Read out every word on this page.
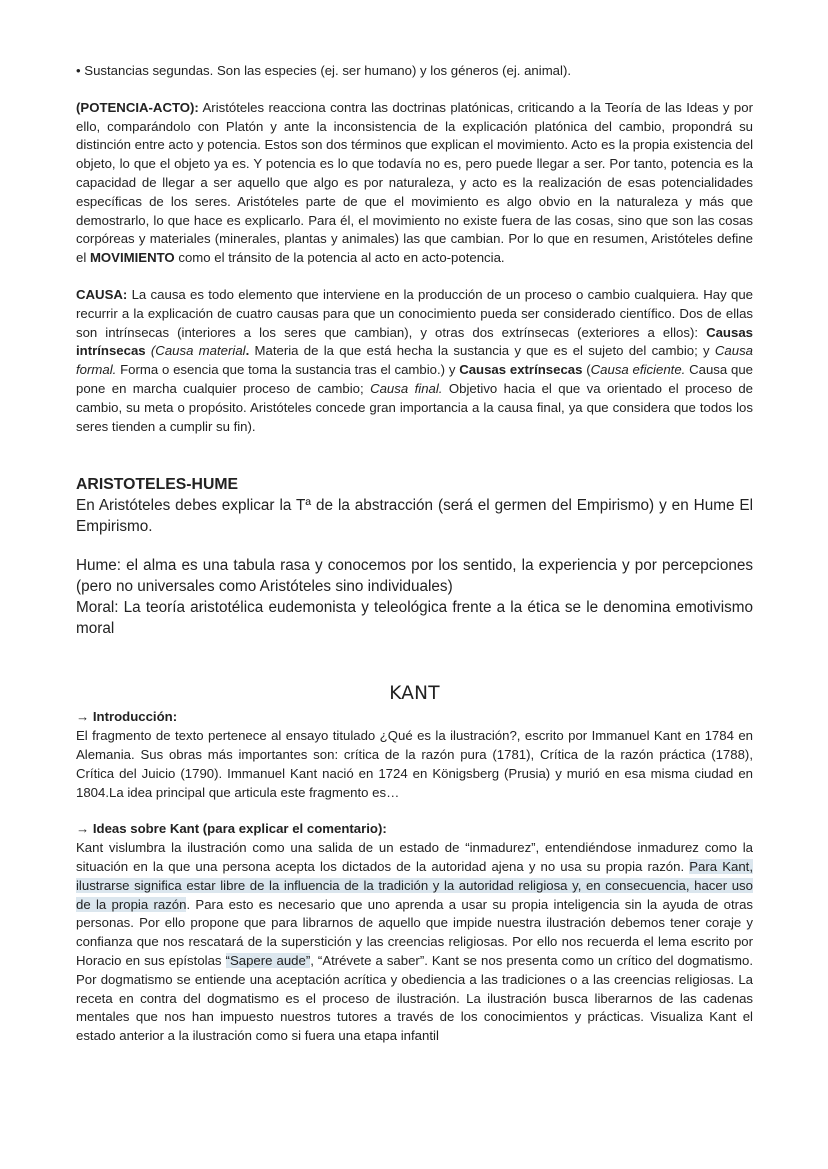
• Sustancias segundas. Son las especies (ej. ser humano) y los géneros (ej. animal).

(POTENCIA-ACTO): Aristóteles reacciona contra las doctrinas platónicas, criticando a la Teoría de las Ideas y por ello, comparándolo con Platón y ante la inconsistencia de la explicación platónica del cambio, propondrá su distinción entre acto y potencia. Estos son dos términos que explican el movimiento. Acto es la propia existencia del objeto, lo que el objeto ya es. Y potencia es lo que todavía no es, pero puede llegar a ser. Por tanto, potencia es la capacidad de llegar a ser aquello que algo es por naturaleza, y acto es la realización de esas potencialidades específicas de los seres. Aristóteles parte de que el movimiento es algo obvio en la naturaleza y más que demostrarlo, lo que hace es explicarlo. Para él, el movimiento no existe fuera de las cosas, sino que son las cosas corpóreas y materiales (minerales, plantas y animales) las que cambian. Por lo que en resumen, Aristóteles define el MOVIMIENTO como el tránsito de la potencia al acto en acto-potencia.

CAUSA: La causa es todo elemento que interviene en la producción de un proceso o cambio cualquiera. Hay que recurrir a la explicación de cuatro causas para que un conocimiento pueda ser considerado científico. Dos de ellas son intrínsecas (interiores a los seres que cambian), y otras dos extrínsecas (exteriores a ellos): Causas intrínsecas (Causa material. Materia de la que está hecha la sustancia y que es el sujeto del cambio; y Causa formal. Forma o esencia que toma la sustancia tras el cambio.) y Causas extrínsecas (Causa eficiente. Causa que pone en marcha cualquier proceso de cambio; Causa final. Objetivo hacia el que va orientado el proceso de cambio, su meta o propósito. Aristóteles concede gran importancia a la causa final, ya que considera que todos los seres tienden a cumplir su fin).

ARISTOTELES-HUME

En Aristóteles debes explicar la Tª de la abstracción (será el germen del Empirismo) y en Hume El Empirismo.

Hume: el alma es una tabula rasa y conocemos por los sentido, la experiencia y por percepciones (pero no universales como Aristóteles sino individuales)

Moral: La teoría aristotélica eudemonista y teleológica frente a la ética se le denomina emotivismo moral

KANT
→ Introducción:

El fragmento de texto pertenece al ensayo titulado ¿Qué es la ilustración?, escrito por Immanuel Kant en 1784 en Alemania. Sus obras más importantes son: crítica de la razón pura (1781), Crítica de la razón práctica (1788), Crítica del Juicio (1790). Immanuel Kant nació en 1724 en Königsberg (Prusia) y murió en esa misma ciudad en 1804.La idea principal que articula este fragmento es…

→ Ideas sobre Kant (para explicar el comentario):

Kant vislumbra la ilustración como una salida de un estado de “inmadurez”, entendiéndose inmadurez como la situación en la que una persona acepta los dictados de la autoridad ajena y no usa su propia razón. Para Kant, ilustrarse significa estar libre de la influencia de la tradición y la autoridad religiosa y, en consecuencia, hacer uso de la propia razón. Para esto es necesario que uno aprenda a usar su propia inteligencia sin la ayuda de otras personas. Por ello propone que para librarnos de aquello que impide nuestra ilustración debemos tener coraje y confianza que nos rescatará de la superstición y las creencias religiosas. Por ello nos recuerda el lema escrito por Horacio en sus epístolas “Sapere aude”, “Atrévete a saber”. Kant se nos presenta como un crítico del dogmatismo. Por dogmatismo se entiende una aceptación acrítica y obediencia a las tradiciones o a las creencias religiosas. La receta en contra del dogmatismo es el proceso de ilustración. La ilustración busca liberarnos de las cadenas mentales que nos han impuesto nuestros tutores a través de los conocimientos y prácticas. Visualiza Kant el estado anterior a la ilustración como si fuera una etapa infantil
